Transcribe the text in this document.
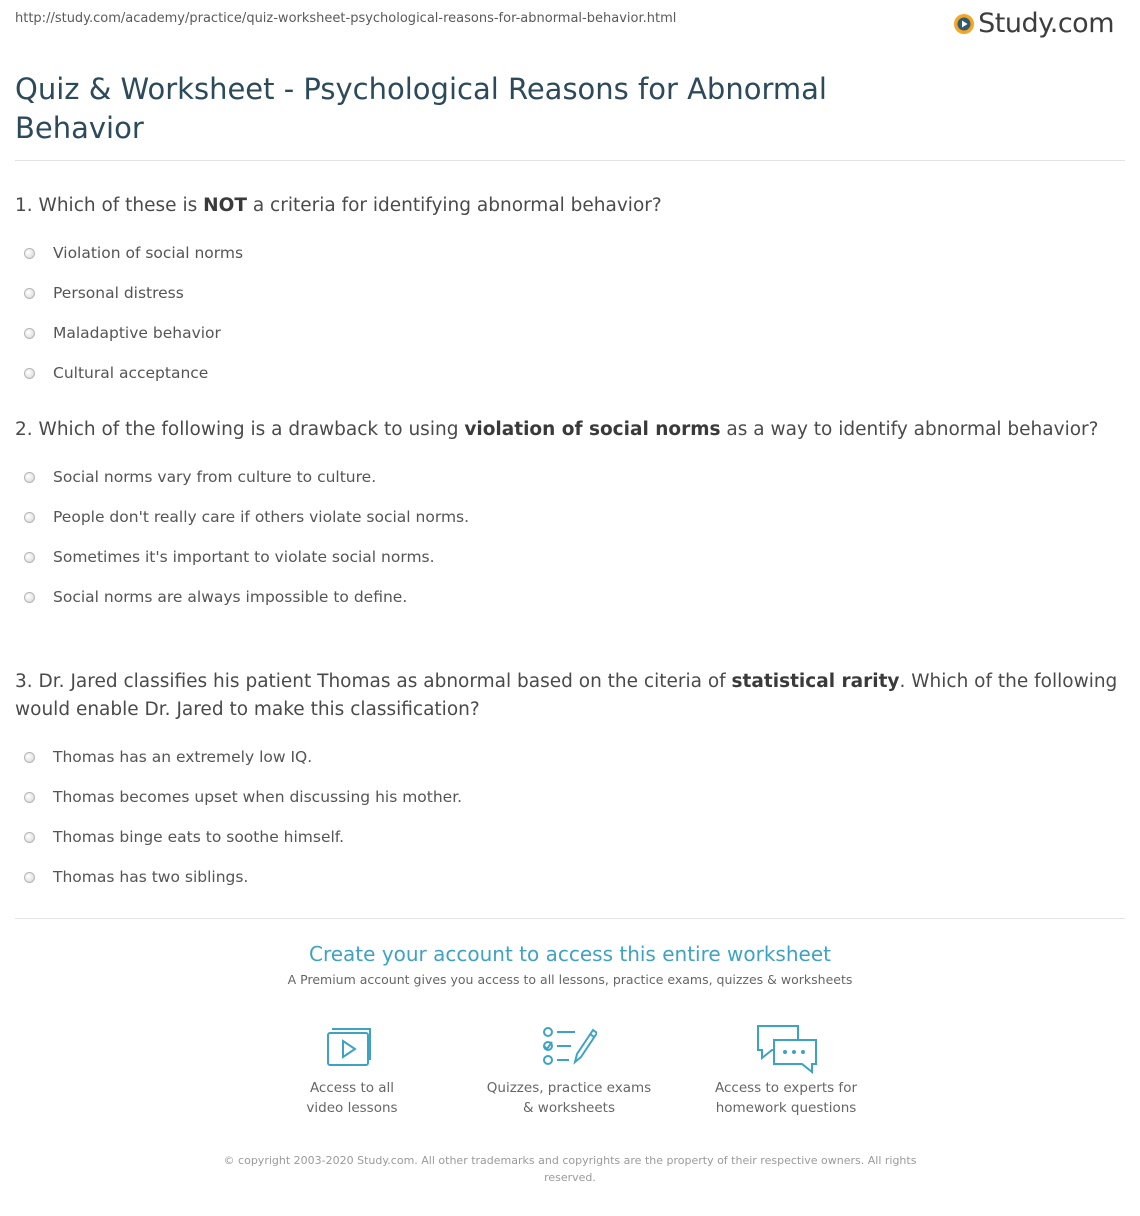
http://study.com/academy/practice/quiz-worksheet-psychological-reasons-for-abnormal-behavior.html	Study.com
Quiz & Worksheet - Psychological Reasons for Abnormal Behavior
1. Which of these is NOT a criteria for identifying abnormal behavior?
Violation of social norms
Personal distress
Maladaptive behavior
Cultural acceptance
2. Which of the following is a drawback to using violation of social norms as a way to identify abnormal behavior?
Social norms vary from culture to culture.
People don't really care if others violate social norms.
Sometimes it's important to violate social norms.
Social norms are always impossible to define.
3. Dr. Jared classifies his patient Thomas as abnormal based on the citeria of statistical rarity. Which of the following would enable Dr. Jared to make this classification?
Thomas has an extremely low IQ.
Thomas becomes upset when discussing his mother.
Thomas binge eats to soothe himself.
Thomas has two siblings.
Create your account to access this entire worksheet
A Premium account gives you access to all lessons, practice exams, quizzes & worksheets
Access to all
video lessons
Quizzes, practice exams
& worksheets
Access to experts for
homework questions
© copyright 2003-2020 Study.com. All other trademarks and copyrights are the property of their respective owners. All rights reserved.
